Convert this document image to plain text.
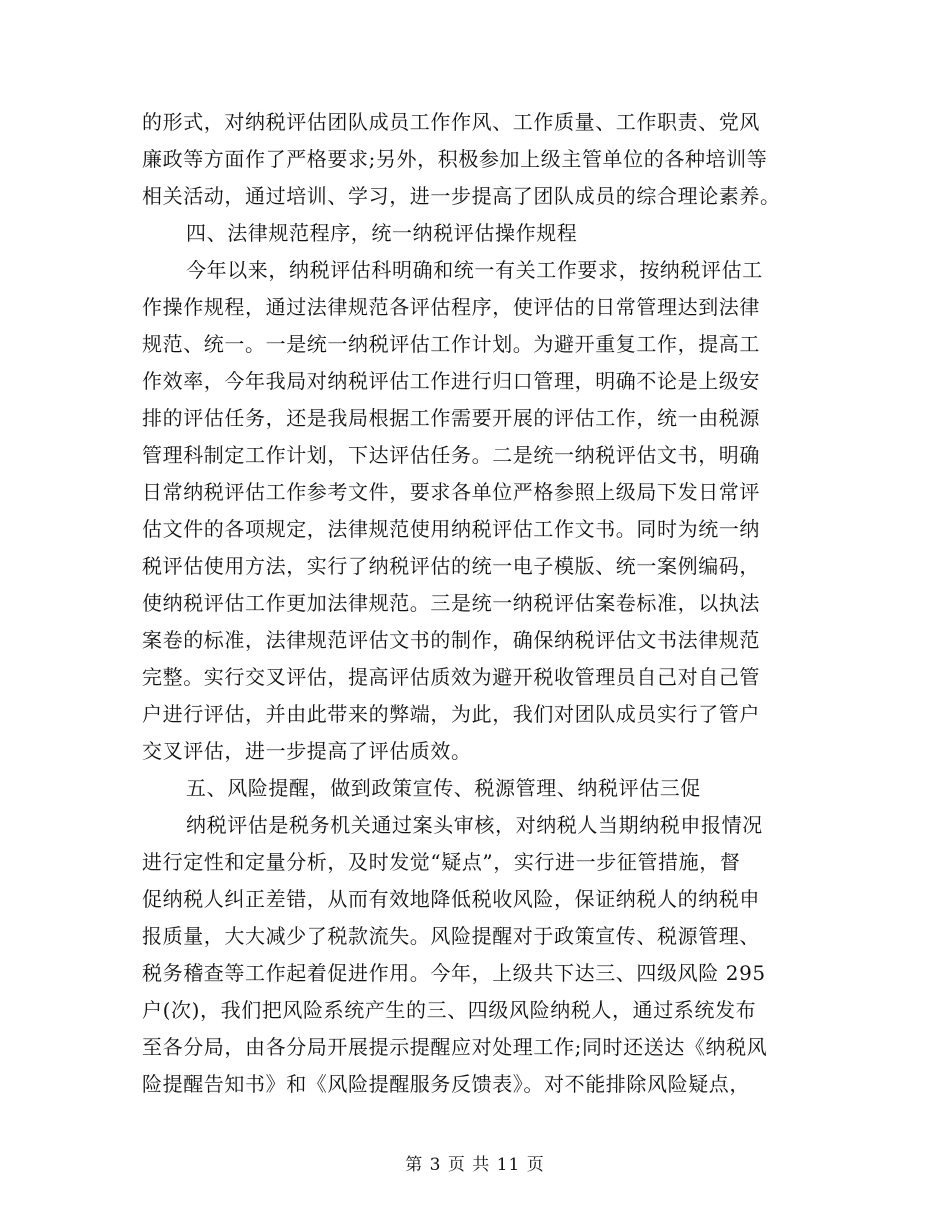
的形式，对纳税评估团队成员工作作风、工作质量、工作职责、党风
廉政等方面作了严格要求;另外，积极参加上级主管单位的各种培训等
相关活动，通过培训、学习，进一步提高了团队成员的综合理论素养。
四、法律规范程序，统一纳税评估操作规程
今年以来，纳税评估科明确和统一有关工作要求，按纳税评估工
作操作规程，通过法律规范各评估程序，使评估的日常管理达到法律
规范、统一。一是统一纳税评估工作计划。为避开重复工作，提高工
作效率，今年我局对纳税评估工作进行归口管理，明确不论是上级安
排的评估任务，还是我局根据工作需要开展的评估工作，统一由税源
管理科制定工作计划，下达评估任务。二是统一纳税评估文书，明确
日常纳税评估工作参考文件，要求各单位严格参照上级局下发日常评
估文件的各项规定，法律规范使用纳税评估工作文书。同时为统一纳
税评估使用方法，实行了纳税评估的统一电子模版、统一案例编码，
使纳税评估工作更加法律规范。三是统一纳税评估案卷标准，以执法
案卷的标准，法律规范评估文书的制作，确保纳税评估文书法律规范
完整。实行交叉评估，提高评估质效为避开税收管理员自己对自己管
户进行评估，并由此带来的弊端，为此，我们对团队成员实行了管户
交叉评估，进一步提高了评估质效。
五、风险提醒，做到政策宣传、税源管理、纳税评估三促
纳税评估是税务机关通过案头审核，对纳税人当期纳税申报情况
进行定性和定量分析，及时发觉“疑点”，实行进一步征管措施，督
促纳税人纠正差错，从而有效地降低税收风险，保证纳税人的纳税申
报质量，大大减少了税款流失。风险提醒对于政策宣传、税源管理、
税务稽查等工作起着促进作用。今年，上级共下达三、四级风险 295
户(次)，我们把风险系统产生的三、四级风险纳税人，通过系统发布
至各分局，由各分局开展提示提醒应对处理工作;同时还送达《纳税风
险提醒告知书》和《风险提醒服务反馈表》。对不能排除风险疑点，
第 3 页 共 11 页
